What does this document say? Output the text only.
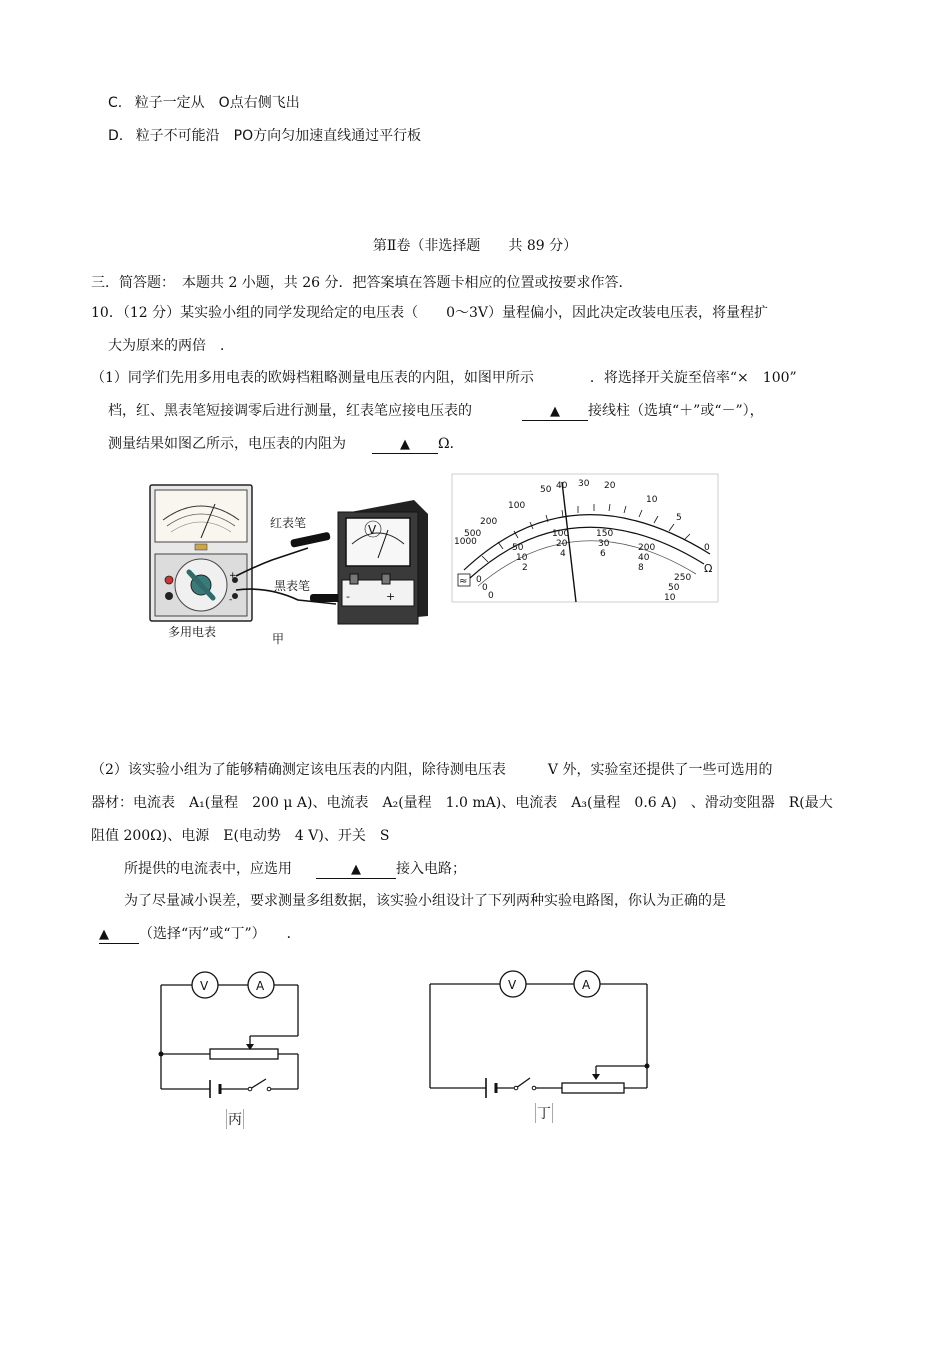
C. 粒子一定从　O点右侧飞出
D. 粒子不可能沿　PO方向匀加速直线通过平行板
第Ⅱ卷（非选择题　　共 89 分）
三．简答题：　本题共 2 小题，共 26 分．把答案填在答题卡相应的位置或按要求作答．
10．（12 分）某实验小组的同学发现给定的电压表（　　0～3V）量程偏小，因此决定改装电压表，将量程扩
大为原来的两倍　．
（1）同学们先用多用电表的欧姆档粗略测量电压表的内阻，如图甲所示　　　　．将选择开关旋至倍率“×　100”
档，红、黑表笔短接调零后进行测量，红表笔应接电压表的	▲ 接线柱（选填“＋”或“－”），
测量结果如图乙所示，电压表的内阻为	▲ Ω．
+
-
多用电表
红表笔
黑表笔
甲
V
-	+
1000
500
200
100
50 40 30 20
10
5
0
50
10
2
100
20
4
150
30
6
200
40
8
250
50
10
Ω
≈ 0
0
0
（2）该实验小组为了能够精确测定该电压表的内阻，除待测电压表　　　V 外，实验室还提供了一些可选用的
器材：电流表　A₁(量程　200 μ A)、电流表　A₂(量程　1.0 mA)、电流表　A₃(量程　0.6 A)　、滑动变阻器　R(最大
阻值 200Ω)、电源　E(电动势　4 V)、开关　S
所提供的电流表中，应选用	▲	接入电路；
为了尽量减小误差，要求测量多组数据，该实验小组设计了下列两种实验电路图，你认为正确的是
▲ （选择“丙”或“丁”）　　．
V	A
丙
V	A
丁
